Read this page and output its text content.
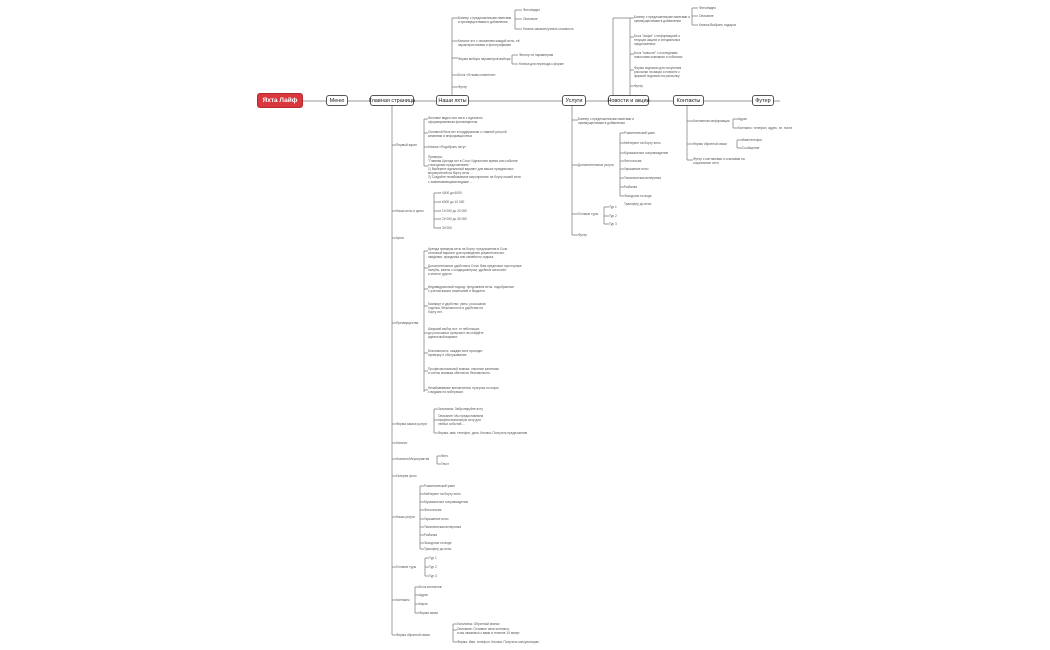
Яхта Лайф	Меню	Главная страница	Наши яхты	Услуги	Новости и акции	Контакты	Футер
Баннер с предложенными пакетами и преимуществами в добавлении
Фото/видео
Описание
Кнопка заказать/узнать стоимость
Каталог яхт с описанием каждой яхты, её характеристиками и фотографиями
Форма выбора параметров выбора
Фильтр по параметрам
Кнопка для перехода к форме
Блок «Отзывы клиентов»
Футер
Баннер с предложенными пакетами и преимуществами в добавлении
Фото/видео
Описание
Кнопка Выбрать подарок
Блок "Акции" с информацией о текущих акциях и специальных предложениях
Блок "новости" с последними новостями компании и событиях
Форма подписки для получения рассылки на акции и новости с формой подписки на рассылку
Футер
Баннер с предложенными пакетами и преимуществами в добавлении
Дополнительные услуги
Романтический ужин
Кейтеринг на борту яхты
Музыкальное сопровождение
Фотосессия
Украшение яхты
Тематическая вечеринка
Рыбалка
Экскурсии по воде
Трансфер до яхты
Готовые туры
Тур 1
Тур 2
Тур 3
Футер
Контактная информация	Адрес
Контакты: телефон, адрес, эл. почта
Форма обратной связи
Имя/телефон
Сообщение
Футер с контактами и ссылками на социальные сети
Первый экран
Фоновое видео или яхты с идеально
сформированным фоном/цветом
Основной блок яхт в поддержании с главной услугой
компании и информационных
Кнопка «Подобрать яхту»
Примеры:
"Главная Аренда яхт в Сочи: Идеальное время или событие
с выгодным предложением"
1) Выберите идеальный вариант для ваших праздничных
мероприятий на борту яхты ...
2) Создайте незабываемое мероприятие на борту нашей яхты
с захватывающими видами ...
Наши яхты и цены
от 4000 до 6000
от 6000 до 10 000
от 10 000 до 20 000
от 20 000 до 30 000
от 30 000
Цена
Преимущества
Аренда премиум-яхты на борту: предложения в Сочи
отличный вариант для проведения романтического
свидания, праздника или семейного отдыха.
Дополнительные удобства в Сочи: Вам предложат просторные
палубы, каюты с кондиционером, удобные шезлонги
и многое другое.
Индивидуальный подход: предлагаем яхты, подобранные
с учетом ваших пожеланий и бюджета.
Комфорт и удобство: уюты, роскошная
отделка, безопасность и удобства на
борту яхт.
Широкий выбор яхт: от небольших
до роскошных суперъяхт, вы найдёте
идеальный вариант.
Безопасность: каждая яхта проходит
проверку и обслуживание.
Профессиональный экипаж: опытные капитаны
и члены экипажа обеспечат безопасность.
Незабываемые впечатления: прогулка по морю
с видами на побережье.
Форма заказа услуги
Заголовок: Забронируйте яхту
Описание: Мы предоставляем
профессиональную яхту для
любых событий ...
Форма: имя, телефон, дата. Кнопка: Получить предложение
Каталог
Новости/Мероприятия
Фото
Текст
Галерея фото
Наши услуги
Романтический ужин
Кейтеринг на борту яхты
Музыкальное сопровождение
Фотосессия
Украшение яхты
Тематическая вечеринка
Рыбалка
Экскурсии по воде
Трансфер до яхты
Готовые туры
Тур 1
Тур 2
Тур 3
Контакты
Блок контактов
Адрес
Карта
Форма связи
Форма обратной связи
Заголовок: Обратный звонок
Описание: Оставьте свои контакты,
и мы свяжемся с вами в течение 15 минут.
Форма: Имя, телефон. Кнопка: Получить консультацию
